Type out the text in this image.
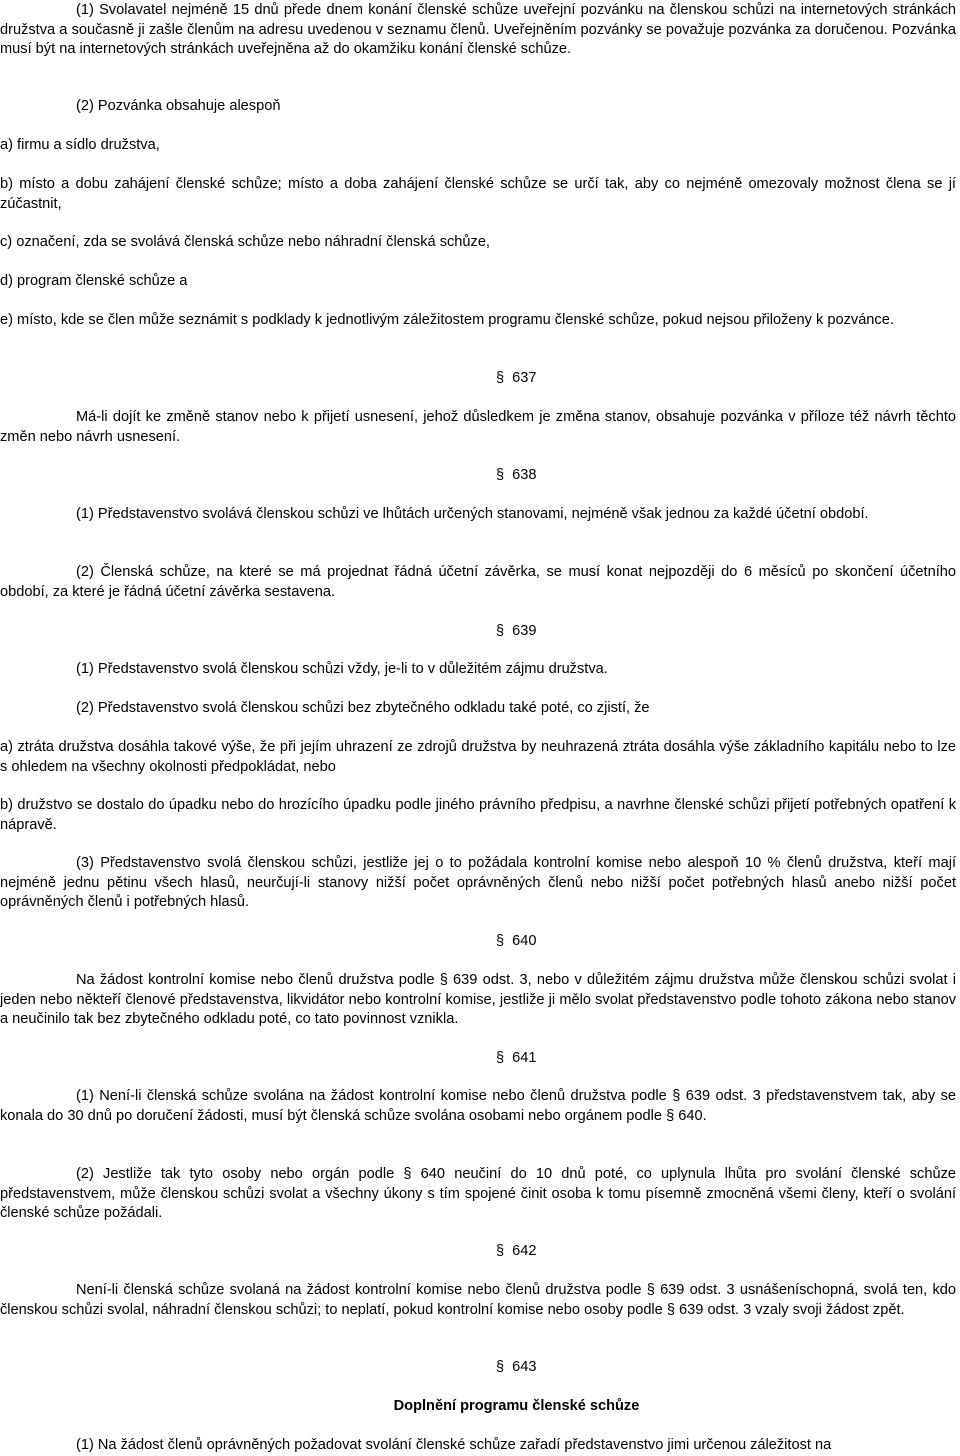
(1) Svolavatel nejméně 15 dnů přede dnem konání členské schůze uveřejní pozvánku na členskou schůzi na internetových stránkách družstva a současně ji zašle členům na adresu uvedenou v seznamu členů. Uveřejněním pozvánky se považuje pozvánka za doručenou. Pozvánka musí být na internetových stránkách uveřejněna až do okamžiku konání členské schůze.

(2) Pozvánka obsahuje alespoň

a) firmu a sídlo družstva,

b) místo a dobu zahájení členské schůze; místo a doba zahájení členské schůze se určí tak, aby co nejméně omezovaly možnost člena se jí zúčastnit,

c) označení, zda se svolává členská schůze nebo náhradní členská schůze,

d) program členské schůze a

e) místo, kde se člen může seznámit s podklady k jednotlivým záležitostem programu členské schůze, pokud nejsou přiloženy k pozvánce.

§ 637

Má-li dojít ke změně stanov nebo k přijetí usnesení, jehož důsledkem je změna stanov, obsahuje pozvánka v příloze též návrh těchto změn nebo návrh usnesení.

§ 638

(1) Představenstvo svolává členskou schůzi ve lhůtách určených stanovami, nejméně však jednou za každé účetní období.

(2) Členská schůze, na které se má projednat řádná účetní závěrka, se musí konat nejpozději do 6 měsíců po skončení účetního období, za které je řádná účetní závěrka sestavena.

§ 639

(1) Představenstvo svolá členskou schůzi vždy, je-li to v důležitém zájmu družstva.

(2) Představenstvo svolá členskou schůzi bez zbytečného odkladu také poté, co zjistí, že

a) ztráta družstva dosáhla takové výše, že při jejím uhrazení ze zdrojů družstva by neuhrazená ztráta dosáhla výše základního kapitálu nebo to lze s ohledem na všechny okolnosti předpokládat, nebo

b) družstvo se dostalo do úpadku nebo do hrozícího úpadku podle jiného právního předpisu, a navrhne členské schůzi přijetí potřebných opatření k nápravě.

(3) Představenstvo svolá členskou schůzi, jestliže jej o to požádala kontrolní komise nebo alespoň 10 % členů družstva, kteří mají nejméně jednu pětinu všech hlasů, neurčují-li stanovy nižší počet oprávněných členů nebo nižší počet potřebných hlasů anebo nižší počet oprávněných členů i potřebných hlasů.

§ 640

Na žádost kontrolní komise nebo členů družstva podle § 639 odst. 3, nebo v důležitém zájmu družstva může členskou schůzi svolat i jeden nebo někteří členové představenstva, likvidátor nebo kontrolní komise, jestliže ji mělo svolat představenstvo podle tohoto zákona nebo stanov a neučinilo tak bez zbytečného odkladu poté, co tato povinnost vznikla.

§ 641

(1) Není-li členská schůze svolána na žádost kontrolní komise nebo členů družstva podle § 639 odst. 3 představenstvem tak, aby se konala do 30 dnů po doručení žádosti, musí být členská schůze svolána osobami nebo orgánem podle § 640.

(2) Jestliže tak tyto osoby nebo orgán podle § 640 neučiní do 10 dnů poté, co uplynula lhůta pro svolání členské schůze představenstvem, může členskou schůzi svolat a všechny úkony s tím spojené činit osoba k tomu písemně zmocněná všemi členy, kteří o svolání členské schůze požádali.

§ 642

Není-li členská schůze svolaná na žádost kontrolní komise nebo členů družstva podle § 639 odst. 3 usnášeníschopná, svolá ten, kdo členskou schůzi svolal, náhradní členskou schůzi; to neplatí, pokud kontrolní komise nebo osoby podle § 639 odst. 3 vzaly svoji žádost zpět.

§ 643

Doplnění programu členské schůze

(1) Na žádost členů oprávněných požadovat svolání členské schůze zařadí představenstvo jimi určenou záležitost na
